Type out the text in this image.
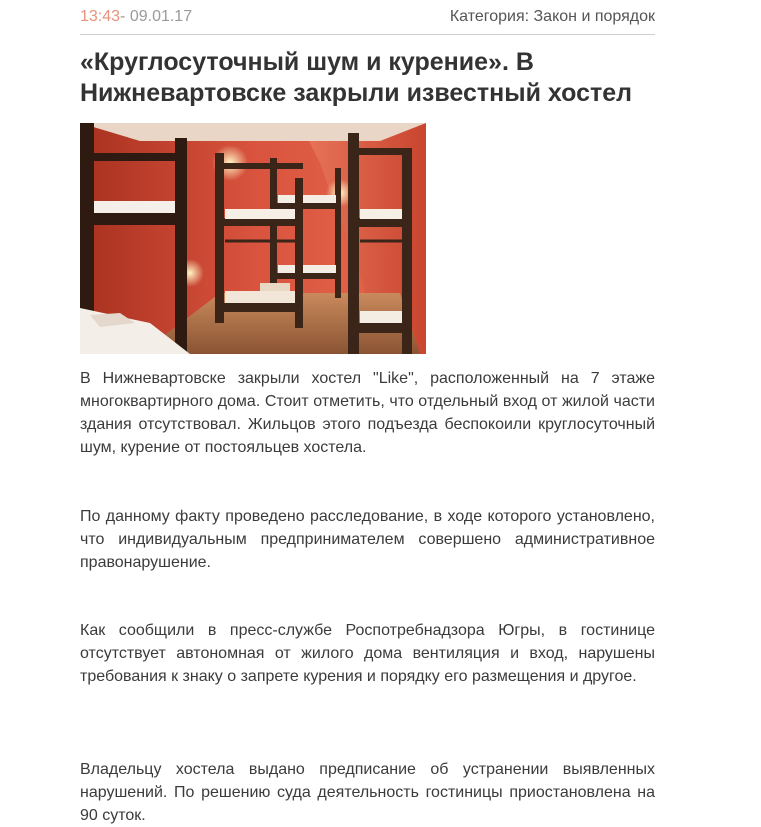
13:43 - 09.01.17	Категория: Закон и порядок
«Круглосуточный шум и курение». В Нижневартовске закрыли известный хостел

В Нижневартовске закрыли хостел "Like", расположенный на 7 этаже многоквартирного дома. Стоит отметить, что отдельный вход от жилой части здания отсутствовал. Жильцов этого подъезда беспокоили круглосуточный шум, курение от постояльцев хостела.

По данному факту проведено расследование, в ходе которого установлено, что индивидуальным предпринимателем совершено административное правонарушение.

Как сообщили в пресс-службе Роспотребнадзора Югры, в гостинице отсутствует автономная от жилого дома вентиляция и вход, нарушены требования к знаку о запрете курения и порядку его размещения и другое.

Владельцу хостела выдано предписание об устранении выявленных нарушений. По решению суда деятельность гостиницы приостановлена на 90 суток.
